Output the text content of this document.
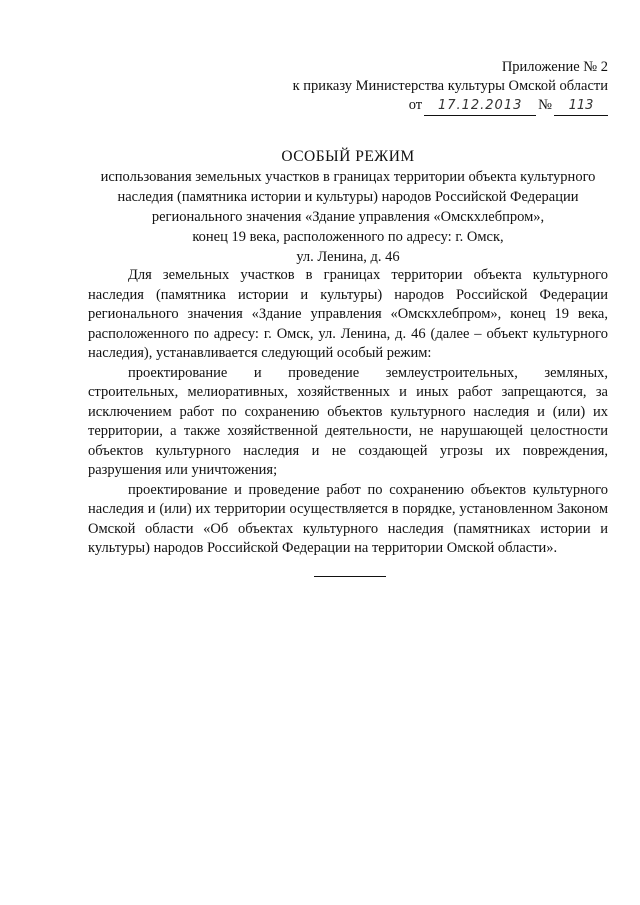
Приложение № 2
к приказу Министерства культуры Омской области
от	17.12.2013	№	113
ОСОБЫЙ РЕЖИМ
использования земельных участков в границах территории объекта культурного
наследия (памятника истории и культуры) народов Российской Федерации
регионального значения «Здание управления «Омскхлебпром»,
конец 19 века, расположенного по адресу: г. Омск,
ул. Ленина, д. 46

Для земельных участков в границах территории объекта культурного наследия (памятника истории и культуры) народов Российской Федерации регионального значения «Здание управления «Омскхлебпром», конец 19 века, расположенного по адресу: г. Омск, ул. Ленина, д. 46 (далее – объект культурного наследия), устанавливается следующий особый режим:

проектирование и проведение землеустроительных, земляных, строительных, мелиоративных, хозяйственных и иных работ запрещаются, за исключением работ по сохранению объектов культурного наследия и (или) их территории, а также хозяйственной деятельности, не нарушающей целостности объектов культурного наследия и не создающей угрозы их повреждения, разрушения или уничтожения;

проектирование и проведение работ по сохранению объектов культурного наследия и (или) их территории осуществляется в порядке, установленном Законом Омской области «Об объектах культурного наследия (памятниках истории и культуры) народов Российской Федерации на территории Омской области».
